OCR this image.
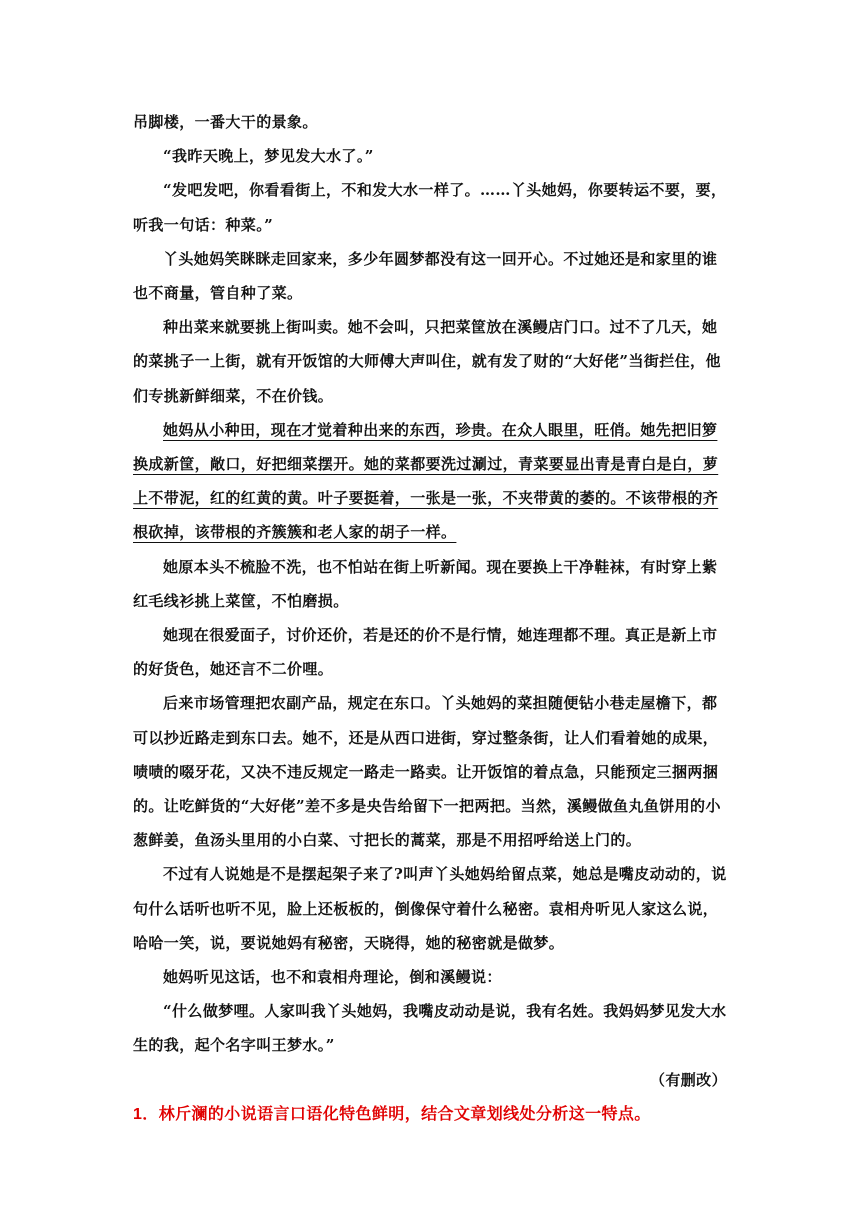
吊脚楼，一番大干的景象。

“我昨天晚上，梦见发大水了。”

“发吧发吧，你看看街上，不和发大水一样了。……丫头她妈，你要转运不要，要，听我一句话：种菜。”

丫头她妈笑眯眯走回家来，多少年圆梦都没有这一回开心。不过她还是和家里的谁也不商量，管自种了菜。

种出菜来就要挑上街叫卖。她不会叫，只把菜筐放在溪鳗店门口。过不了几天，她的菜挑子一上街，就有开饭馆的大师傅大声叫住，就有发了财的“大好佬”当街拦住，他们专挑新鲜细菜，不在价钱。

她妈从小种田，现在才觉着种出来的东西，珍贵。在众人眼里，旺俏。她先把旧箩换成新筐，敞口，好把细菜摆开。她的菜都要洗过涮过，青菜要显出青是青白是白，萝上不带泥，红的红黄的黄。叶子要挺着，一张是一张，不夹带黄的萎的。不该带根的齐根砍掉，该带根的齐簇簇和老人家的胡子一样。

她原本头不梳脸不洗，也不怕站在街上听新闻。现在要换上干净鞋袜，有时穿上紫红毛线衫挑上菜筐，不怕磨损。

她现在很爱面子，讨价还价，若是还的价不是行情，她连理都不理。真正是新上市的好货色，她还言不二价哩。

后来市场管理把农副产品，规定在东口。丫头她妈的菜担随便钻小巷走屋檐下，都可以抄近路走到东口去。她不，还是从西口进街，穿过整条街，让人们看着她的成果，啧啧的啜牙花，又决不违反规定一路走一路卖。让开饭馆的着点急，只能预定三捆两捆的。让吃鲜货的“大好佬”差不多是央告给留下一把两把。当然，溪鳗做鱼丸鱼饼用的小葱鲜姜，鱼汤头里用的小白菜、寸把长的蒿菜，那是不用招呼给送上门的。

不过有人说她是不是摆起架子来了?叫声丫头她妈给留点菜，她总是嘴皮动动的，说句什么话听也听不见，脸上还板板的，倒像保守着什么秘密。袁相舟听见人家这么说，哈哈一笑，说，要说她妈有秘密，天晓得，她的秘密就是做梦。

她妈听见这话，也不和袁相舟理论，倒和溪鳗说：

“什么做梦哩。人家叫我丫头她妈，我嘴皮动动是说，我有名姓。我妈妈梦见发大水生的我，起个名字叫王梦水。”

（有删改）

1．林斤澜的小说语言口语化特色鲜明，结合文章划线处分析这一特点。
